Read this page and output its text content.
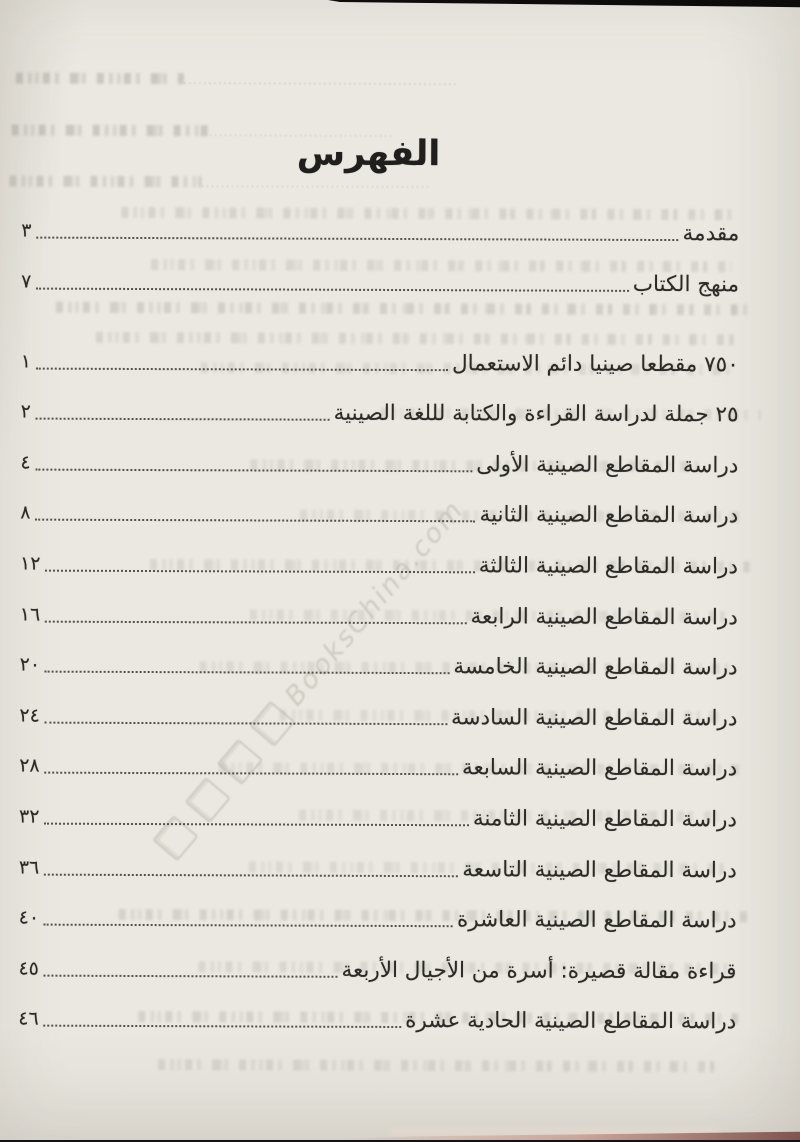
الفهرس
BooksChina.com
مقدمة
٣
منهج الكتاب
٧
٧٥٠ مقطعا صينيا دائم الاستعمال
١
٢٥ جملة لدراسة القراءة والكتابة لللغة الصينية
٢
دراسة المقاطع الصينية الأولى
٤
دراسة المقاطع الصينية الثانية
٨
دراسة المقاطع الصينية الثالثة
١٢
دراسة المقاطع الصينية الرابعة
١٦
دراسة المقاطع الصينية الخامسة
٢٠
دراسة المقاطع الصينية السادسة
٢٤
دراسة المقاطع الصينية السابعة
٢٨
دراسة المقاطع الصينية الثامنة
٣٢
دراسة المقاطع الصينية التاسعة
٣٦
دراسة المقاطع الصينية العاشرة
٤٠
قراءة مقالة قصيرة: أسرة من الأجيال الأربعة
٤٥
دراسة المقاطع الصينية الحادية عشرة
٤٦
